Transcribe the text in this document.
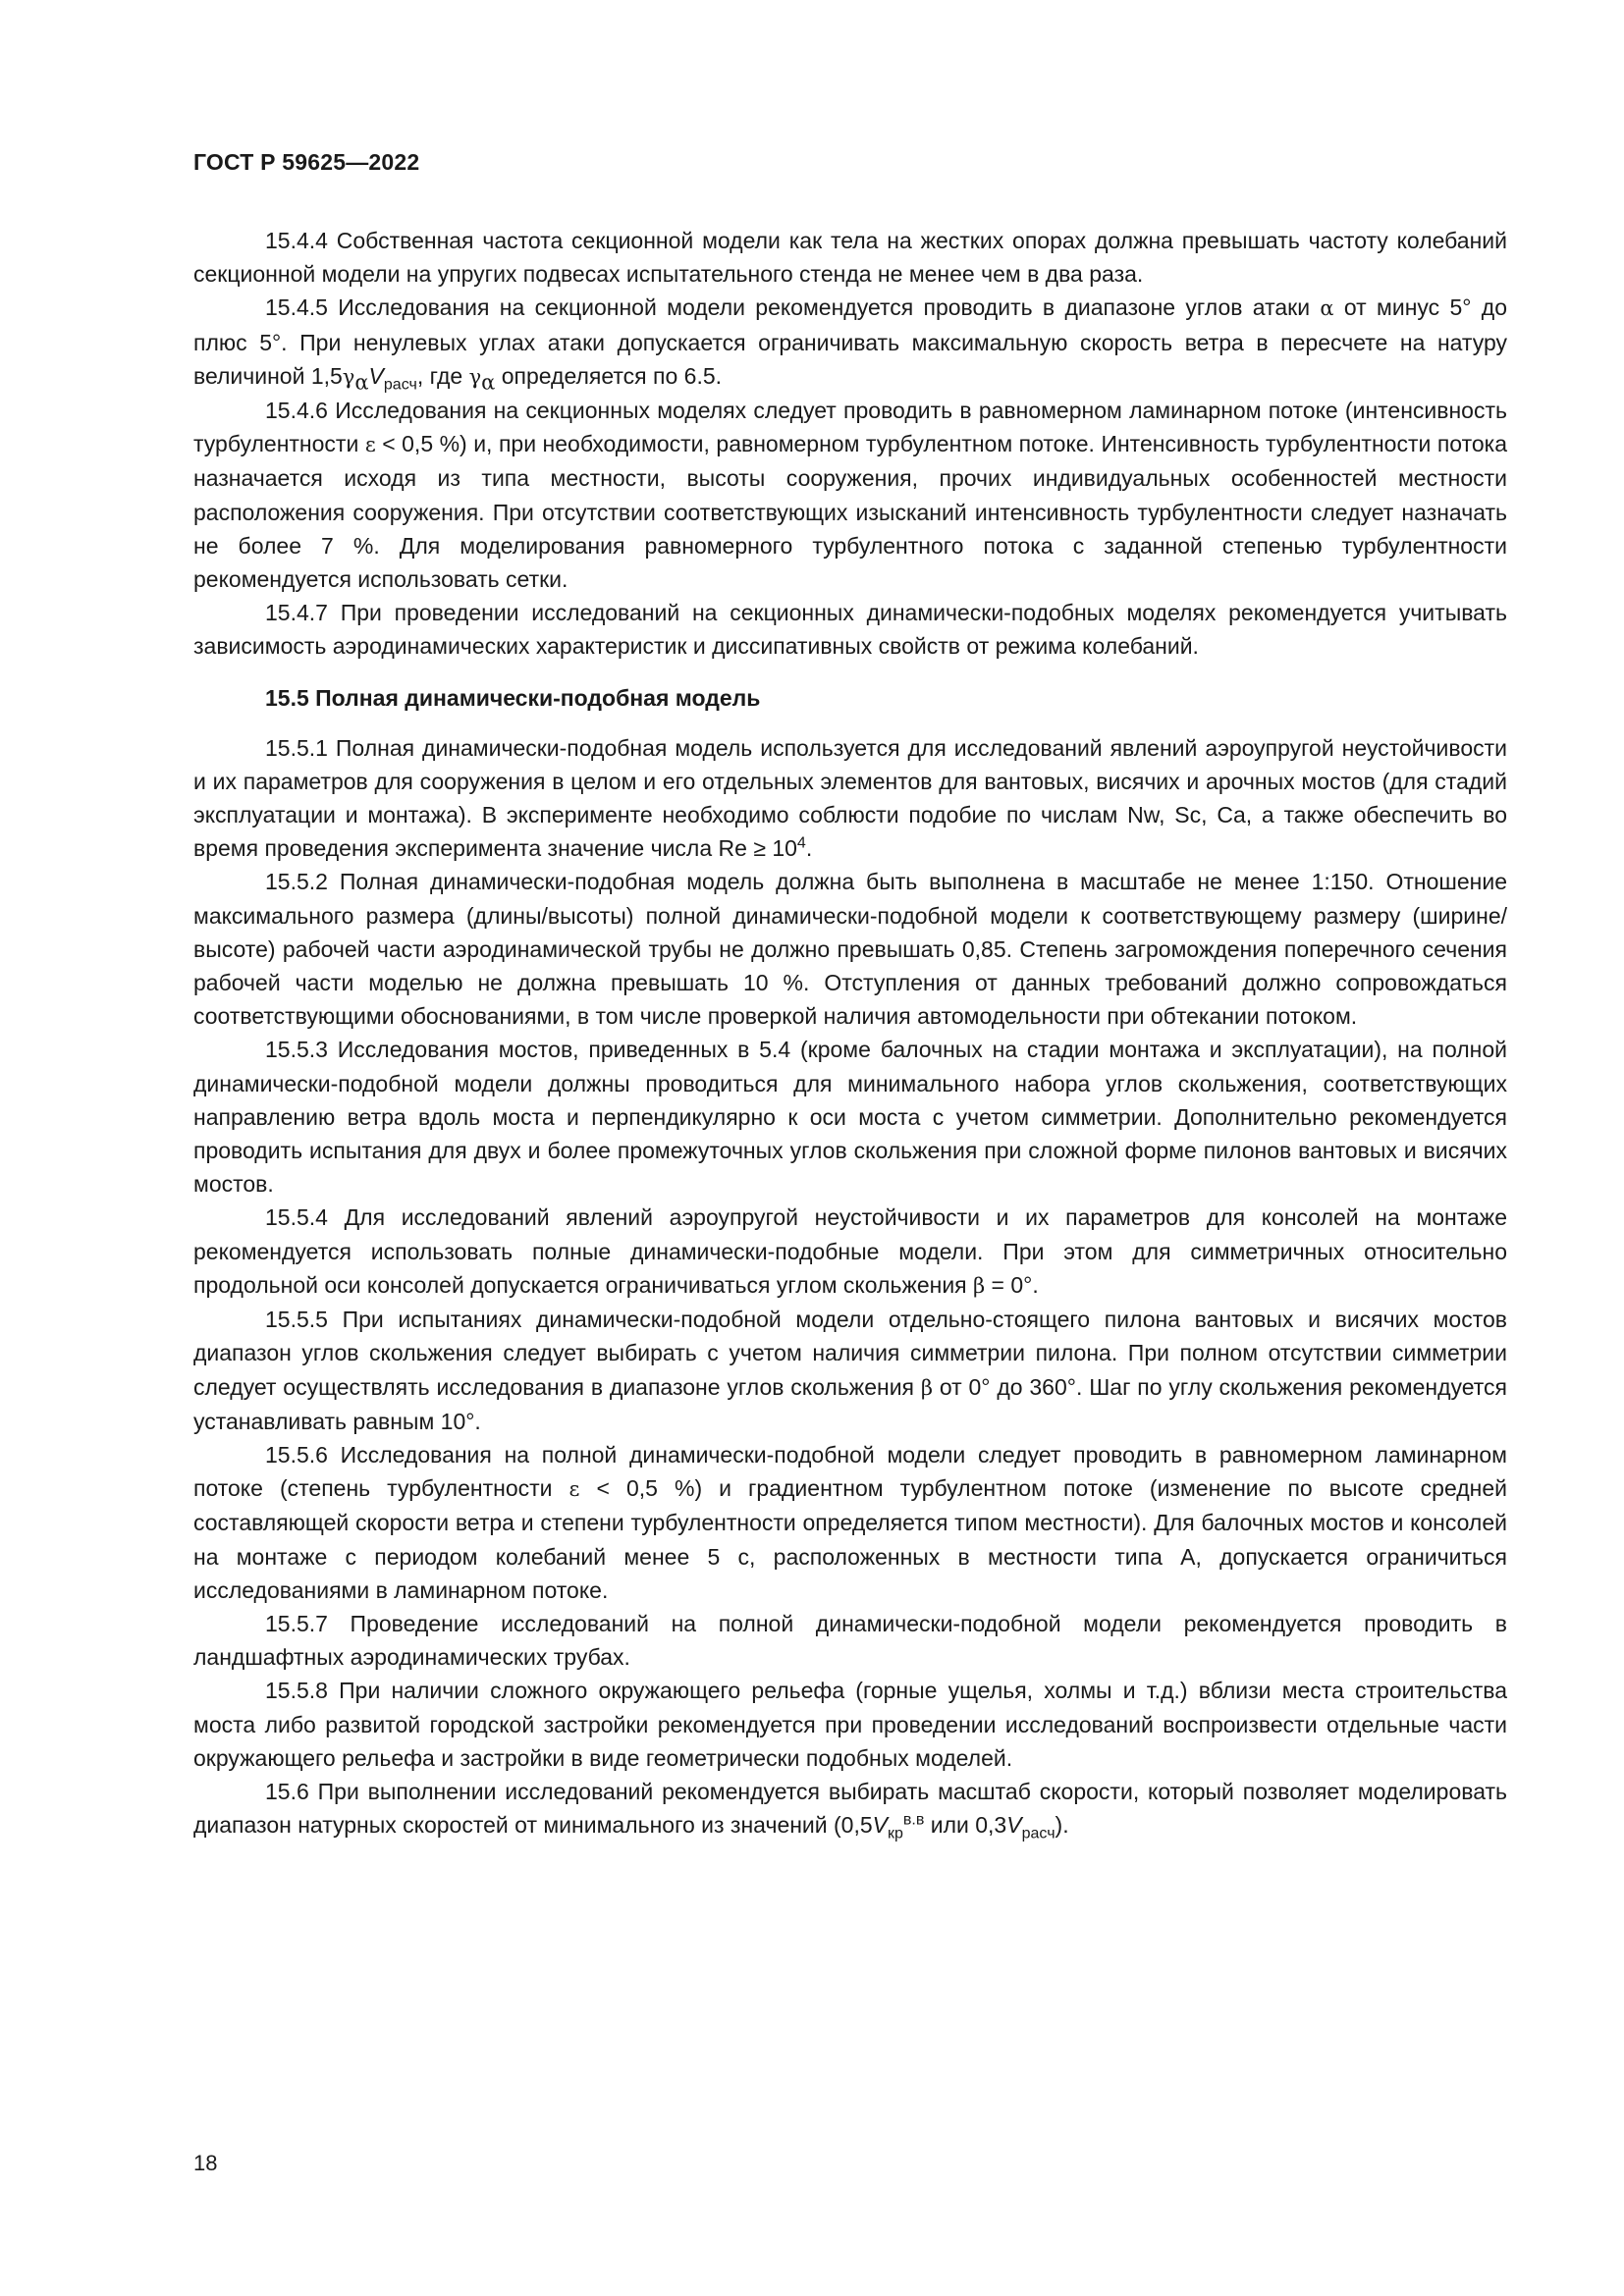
ГОСТ Р 59625—2022

15.4.4 Собственная частота секционной модели как тела на жестких опорах должна превышать частоту колебаний секционной модели на упругих подвесах испытательного стенда не менее чем в два раза.

15.4.5 Исследования на секционной модели рекомендуется проводить в диапазоне углов атаки α от минус 5° до плюс 5°. При ненулевых углах атаки допускается ограничивать максимальную скорость ветра в пересчете на натуру величиной $1,5\gamma_\alpha V_{расч}$, где $\gamma_\alpha$ определяется по 6.5.

15.4.6 Исследования на секционных моделях следует проводить в равномерном ламинарном потоке (интенсивность турбулентности ε < 0,5 %) и, при необходимости, равномерном турбулентном потоке. Интенсивность турбулентности потока назначается исходя из типа местности, высоты сооружения, прочих индивидуальных особенностей местности расположения сооружения. При отсутствии соответствующих изысканий интенсивность турбулентности следует назначать не более 7 %. Для моделирования равномерного турбулентного потока с заданной степенью турбулентности рекомендуется использовать сетки.

15.4.7 При проведении исследований на секционных динамически-подобных моделях рекомендуется учитывать зависимость аэродинамических характеристик и диссипативных свойств от режима колебаний.

15.5 Полная динамически-подобная модель

15.5.1 Полная динамически-подобная модель используется для исследований явлений аэроупругой неустойчивости и их параметров для сооружения в целом и его отдельных элементов для вантовых, висячих и арочных мостов (для стадий эксплуатации и монтажа). В эксперименте необходимо соблюсти подобие по числам Nw, Sc, Ca, а также обеспечить во время проведения эксперимента значение числа $Re \ge 10^4$.

15.5.2 Полная динамически-подобная модель должна быть выполнена в масштабе не менее 1:150. Отношение максимального размера (длины/высоты) полной динамически-подобной модели к соответствующему размеру (ширине/высоте) рабочей части аэродинамической трубы не должно превышать 0,85. Степень загромождения поперечного сечения рабочей части моделью не должна превышать 10 %. Отступления от данных требований должно сопровождаться соответствующими обоснованиями, в том числе проверкой наличия автомодельности при обтекании потоком.

15.5.3 Исследования мостов, приведенных в 5.4 (кроме балочных на стадии монтажа и эксплуатации), на полной динамически-подобной модели должны проводиться для минимального набора углов скольжения, соответствующих направлению ветра вдоль моста и перпендикулярно к оси моста с учетом симметрии. Дополнительно рекомендуется проводить испытания для двух и более промежуточных углов скольжения при сложной форме пилонов вантовых и висячих мостов.

15.5.4 Для исследований явлений аэроупругой неустойчивости и их параметров для консолей на монтаже рекомендуется использовать полные динамически-подобные модели. При этом для симметричных относительно продольной оси консолей допускается ограничиваться углом скольжения β = 0°.

15.5.5 При испытаниях динамически-подобной модели отдельно-стоящего пилона вантовых и висячих мостов диапазон углов скольжения следует выбирать с учетом наличия симметрии пилона. При полном отсутствии симметрии следует осуществлять исследования в диапазоне углов скольжения β от 0° до 360°. Шаг по углу скольжения рекомендуется устанавливать равным 10°.

15.5.6 Исследования на полной динамически-подобной модели следует проводить в равномерном ламинарном потоке (степень турбулентности ε < 0,5 %) и градиентном турбулентном потоке (изменение по высоте средней составляющей скорости ветра и степени турбулентности определяется типом местности). Для балочных мостов и консолей на монтаже с периодом колебаний менее 5 с, расположенных в местности типа А, допускается ограничиться исследованиями в ламинарном потоке.

15.5.7 Проведение исследований на полной динамически-подобной модели рекомендуется проводить в ландшафтных аэродинамических трубах.

15.5.8 При наличии сложного окружающего рельефа (горные ущелья, холмы и т.д.) вблизи места строительства моста либо развитой городской застройки рекомендуется при проведении исследований воспроизвести отдельные части окружающего рельефа и застройки в виде геометрически подобных моделей.

15.6 При выполнении исследований рекомендуется выбирать масштаб скорости, который позволяет моделировать диапазон натурных скоростей от минимального из значений ($0,5V_{кр}^{в.в}$ или $0,3V_{расч}$).

18
